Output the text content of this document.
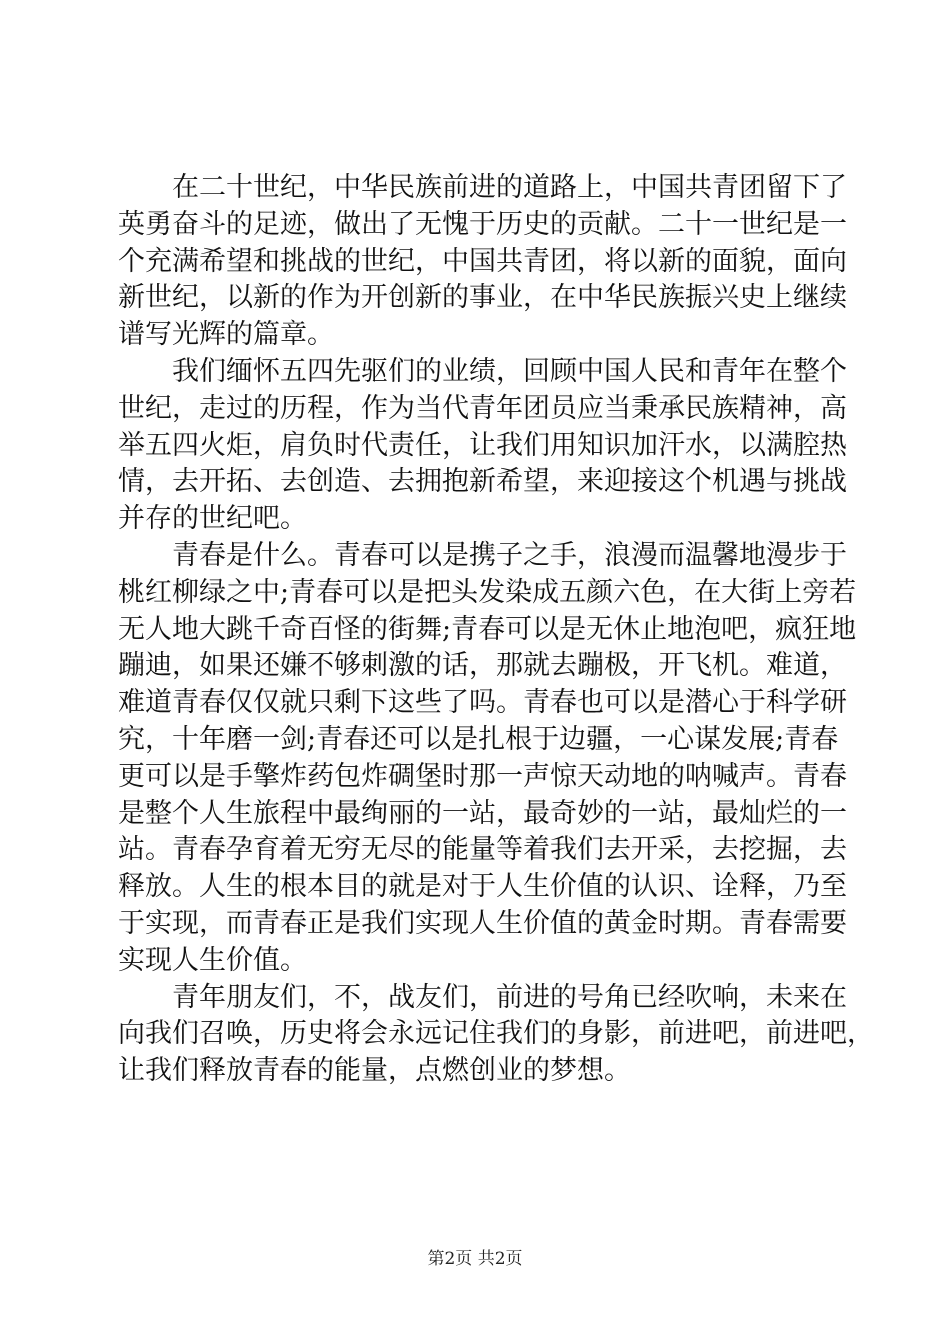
在二十世纪，中华民族前进的道路上，中国共青团留下了
英勇奋斗的足迹，做出了无愧于历史的贡献。二十一世纪是一
个充满希望和挑战的世纪，中国共青团，将以新的面貌，面向
新世纪，以新的作为开创新的事业，在中华民族振兴史上继续
谱写光辉的篇章。
我们缅怀五四先驱们的业绩，回顾中国人民和青年在整个
世纪，走过的历程，作为当代青年团员应当秉承民族精神，高
举五四火炬，肩负时代责任，让我们用知识加汗水，以满腔热
情，去开拓、去创造、去拥抱新希望，来迎接这个机遇与挑战
并存的世纪吧。
青春是什么。青春可以是携子之手，浪漫而温馨地漫步于
桃红柳绿之中;青春可以是把头发染成五颜六色，在大街上旁若
无人地大跳千奇百怪的街舞;青春可以是无休止地泡吧，疯狂地
蹦迪，如果还嫌不够刺激的话，那就去蹦极，开飞机。难道，
难道青春仅仅就只剩下这些了吗。青春也可以是潜心于科学研
究，十年磨一剑;青春还可以是扎根于边疆，一心谋发展;青春
更可以是手擎炸药包炸碉堡时那一声惊天动地的呐喊声。青春
是整个人生旅程中最绚丽的一站，最奇妙的一站，最灿烂的一
站。青春孕育着无穷无尽的能量等着我们去开采，去挖掘，去
释放。人生的根本目的就是对于人生价值的认识、诠释，乃至
于实现，而青春正是我们实现人生价值的黄金时期。青春需要
实现人生价值。
青年朋友们，不，战友们，前进的号角已经吹响，未来在
向我们召唤，历史将会永远记住我们的身影，前进吧，前进吧，
让我们释放青春的能量，点燃创业的梦想。
第2页 共2页
